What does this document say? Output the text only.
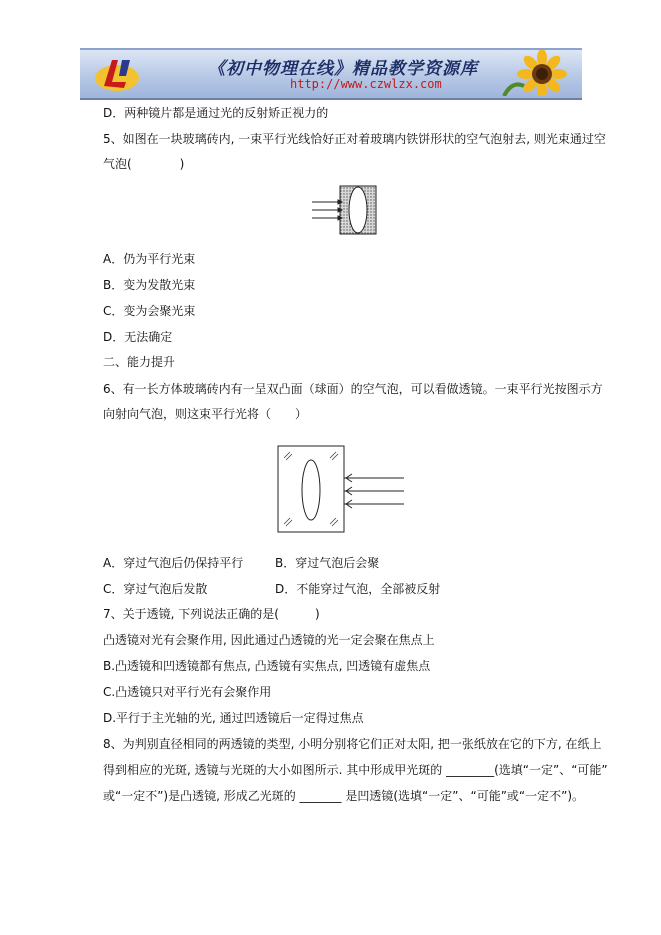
《初中物理在线》精品教学资源库
http://www.czwlzx.com
D．两种镜片都是通过光的反射矫正视力的
5、如图在一块玻璃砖内, 一束平行光线恰好正对着玻璃内铁饼形状的空气泡射去, 则光束通过空
气泡(　　　　)
A．仍为平行光束
B．变为发散光束
C．变为会聚光束
D．无法确定
二、能力提升
6、有一长方体玻璃砖内有一呈双凸面（球面）的空气泡，可以看做透镜。一束平行光按图示方
向射向气泡，则这束平行光将（　　）
A．穿过气泡后仍保持平行	B．穿过气泡后会聚
C．穿过气泡后发散	D．不能穿过气泡，全部被反射
7、关于透镜, 下列说法正确的是(　　　)
凸透镜对光有会聚作用, 因此通过凸透镜的光一定会聚在焦点上
B.凸透镜和凹透镜都有焦点, 凸透镜有实焦点, 凹透镜有虚焦点
C.凸透镜只对平行光有会聚作用
D.平行于主光轴的光, 通过凹透镜后一定得过焦点
8、为判别直径相同的两透镜的类型, 小明分别将它们正对太阳, 把一张纸放在它的下方, 在纸上
得到相应的光斑, 透镜与光斑的大小如图所示. 其中形成甲光斑的 ________(选填“一定”、“可能”
或“一定不”)是凸透镜, 形成乙光斑的 _______ 是凹透镜(选填“一定”、“可能”或“一定不”)。
